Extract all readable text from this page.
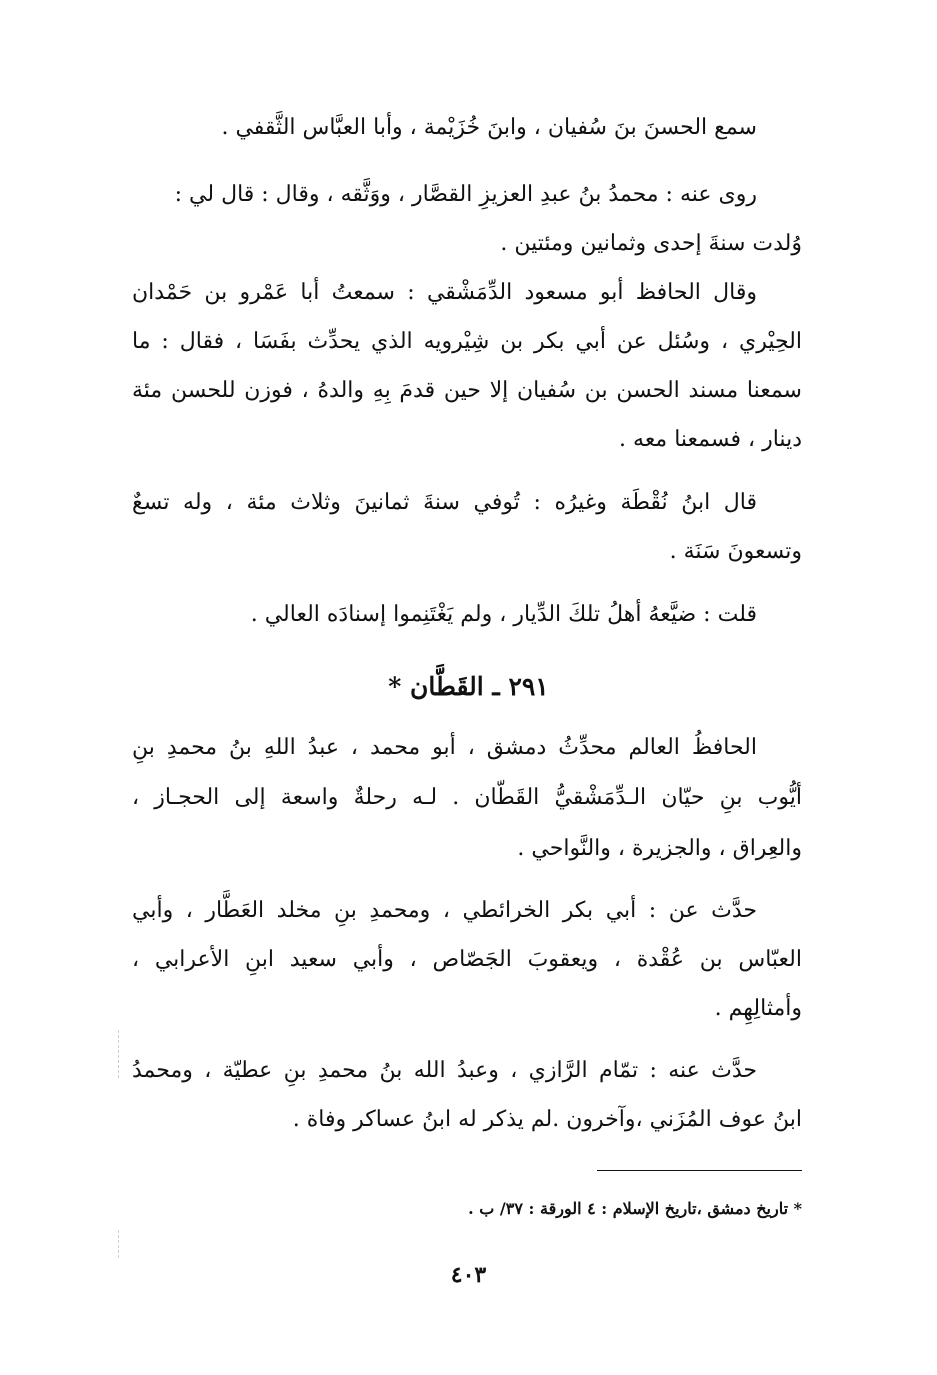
سمع الحسنَ بنَ سُفيان ، وابنَ خُزَيْمة ، وأبا العبَّاس الثَّقفي .
روى عنه : محمدُ بنُ عبدِ العزيزِ القصَّار ، ووَثَّقه ، وقال : قال لي :
وُلدت سنةَ إحدى وثمانين ومئتين .
وقال الحافظ أبو مسعود الدِّمَشْقي : سمعتُ أبا عَمْرو بن حَمْدان
الحِيْري ، وسُئل عن أبي بكر بن شِيْرويه الذي يحدِّث بفَسَا ، فقال : ما
سمعنا مسند الحسن بن سُفيان إلا حين قدمَ بِهِ والدهُ ، فوزن للحسن مئة
دينار ، فسمعنا معه .
قال ابنُ نُقْطَة وغيرُه : تُوفي سنةَ ثمانينَ وثلاث مئة ، وله تسعٌ
وتسعونَ سَنَة .
قلت : ضيَّعهُ أهلُ تلكَ الدِّيار ، ولم يَغْتَنِموا إسنادَه العالي .
٢٩١ ـ القَطَّان *
الحافظُ العالم محدِّثُ دمشق ، أبو محمد ، عبدُ اللهِ بنُ محمدِ بنِ
أيُّوب بنِ حيّان الـدِّمَشْقيُّ القَطّان . لـه رحلةٌ واسعة إلى الحجـاز ،
والعِراق ، والجزيرة ، والنَّواحي .
حدَّث عن : أبي بكر الخرائطي ، ومحمدِ بنِ مخلد العَطَّار ، وأبي
العبّاس بن عُقْدة ، ويعقوبَ الجَصّاص ، وأبي سعيد ابنِ الأعرابي ،
وأمثالِهِم .
حدَّث عنه : تمّام الرَّازي ، وعبدُ الله بنُ محمدِ بنِ عطيّة ، ومحمدُ
ابنُ عوف المُزَني ،وآخرون .لم يذكر له ابنُ عساكر وفاة .
* تاريخ دمشق ،تاريخ الإسلام : ٤ الورقة : ٣٧/ ب .
٤٠٣
